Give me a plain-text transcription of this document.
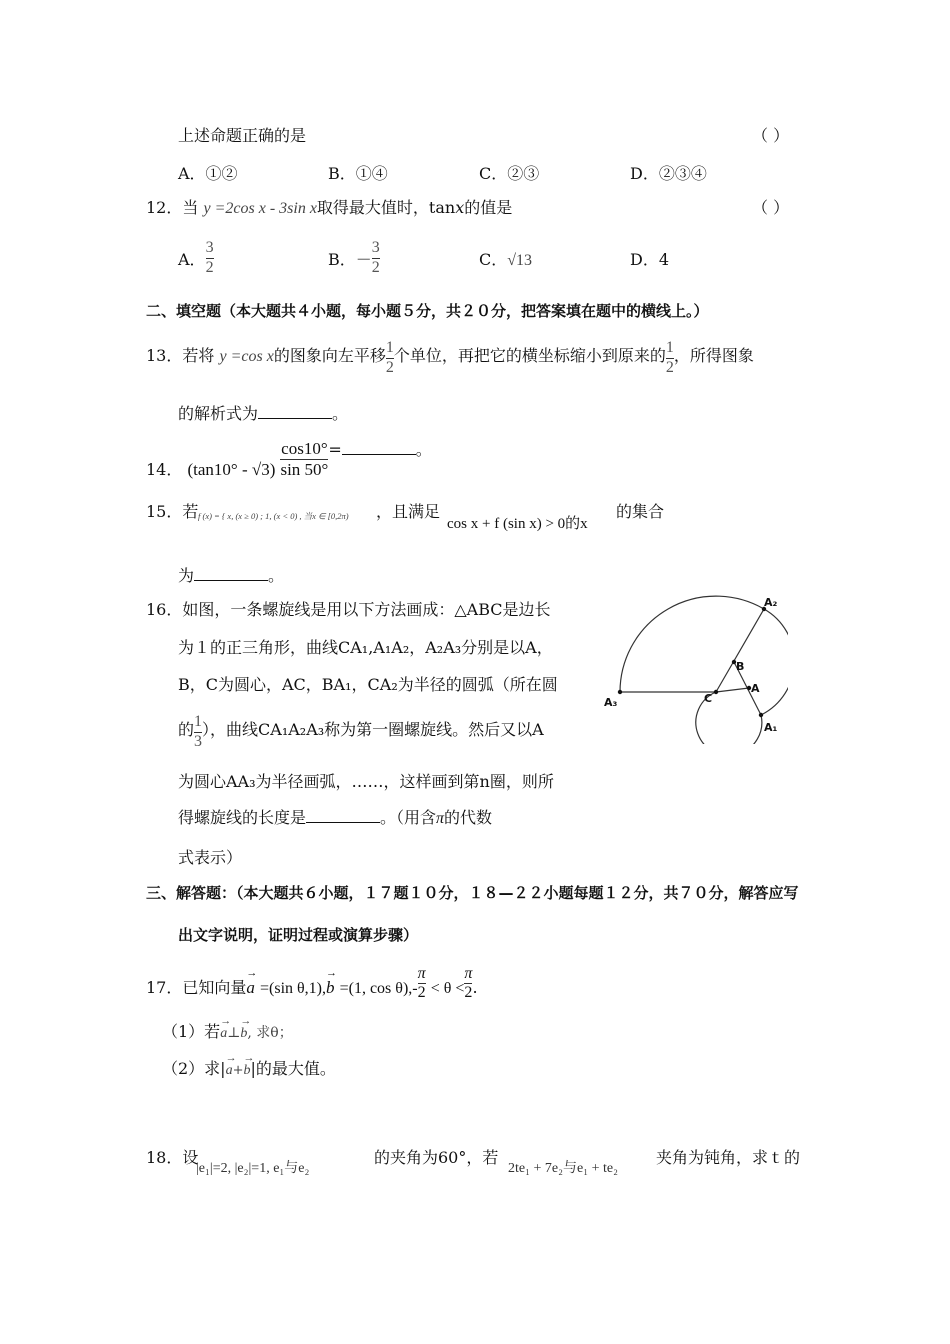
上述命题正确的是	（ ）
A．①②	B．①④	C．②③	D．②③④
12．当 y =2cos x - 3sin x取得最大值时，tanx的值是	（ ）
A． $\frac{3}{2}$	B．－ $\frac{3}{2}$	C．√13	D．4
二、填空题（本大题共４小题，每小题５分，共２０分，把答案填在题中的横线上。）
13．若将 y =cos x的图象向左平移 $\frac{1}{2}$ 个单位，再把它的横坐标缩小到原来的 $\frac{1}{2}$ ，所得图象
的解析式为	。
14． $(\tan 10^\circ - √3) \frac{\cos 10^\circ}{\sin 50^\circ}$ =	。
15．若 f (x) = { x, (x ≥ 0) ; 1, (x < 0) , 当x ∈ [0,2π) ，且满足
cos x + f (sin x) > 0的x
的集合
为	。
16．如图，一条螺旋线是用以下方法画成：△ABC是边长
为１的正三角形，曲线CA₁,A₁A₂，A₂A₃分别是以A，
B，C为圆心，AC，BA₁，CA₂为半径的圆弧（所在圆
的 $\frac{1}{3}$ ），曲线CA₁A₂A₃称为第一圈螺旋线。然后又以A
为圆心AA₃为半径画弧，……，这样画到第n圈，则所
得螺旋线的长度是	。（用含π的代数
式表示）
A₂
B
A
C
A₃
A₁
三、解答题：（本大题共６小题，１７题１０分，１８—２２小题每题１２分，共７０分，解答应写
出文字说明，证明过程或演算步骤）
17．已知向量→ a =(sin θ,1),→ b =(1, $\cos \theta),-\frac{\pi}{2} < \theta <\frac{\pi}{2}$ .
（1）若→ a⊥→ b, 求θ；
（2）求|→ a+→ b|的最大值。
18．设
|e₁|=2, |e₂|=1, e₁与e₂
的夹角为60°，若
2te₁ + 7e₂与e₁ + te₂
夹角为钝角，求ｔ的
